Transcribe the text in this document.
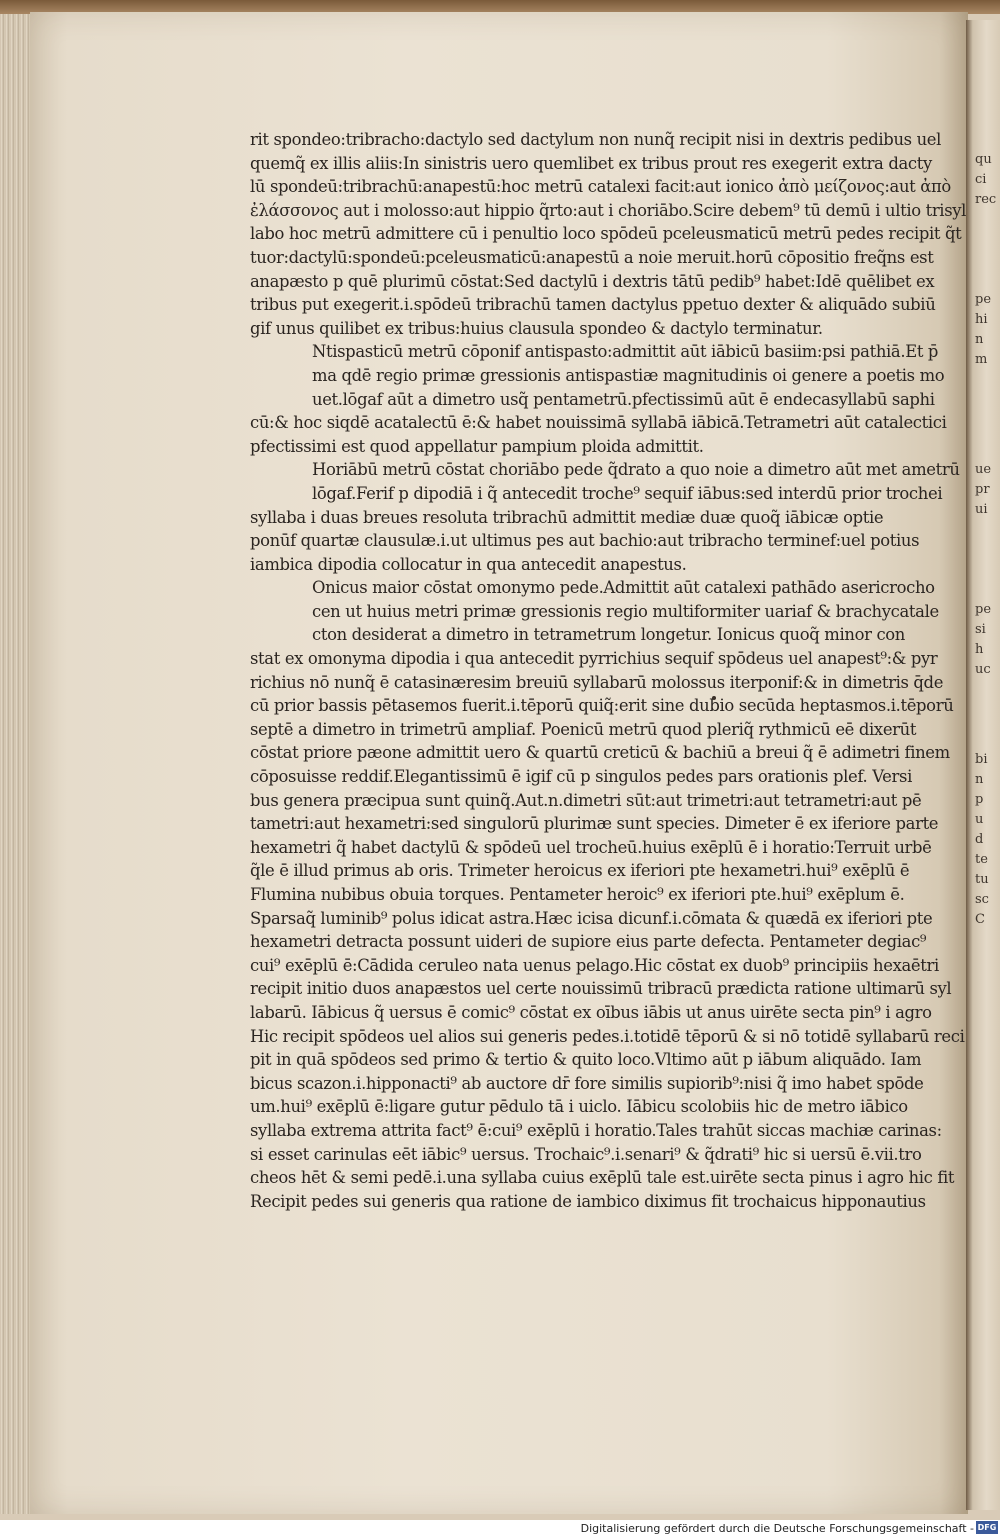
qu
ci
rec
pe
hi
n
m
ue
pr
ui
pe
si
h
uc
bi
n
p
u
d
te
tu
sc
C
rit spondeo:tribracho:dactylo sed dactylum non nunq̃ recipit nisi in dextris pedibus uel
quemq̃ ex illis aliis:In sinistris uero quemlibet ex tribus prout res exegerit extra dacty
lū spondeū:tribrachū:anapestū:hoc metrū catalexi facit:aut ionico ἀπὸ μείζονος:aut ἀπὸ
ἐλάσσονος aut i molosso:aut hippio q̃rto:aut i choriābo.Scire debem⁹ tū demū i ultio trisyl
labo hoc metrū admittere cū i penultio loco spōdeū pceleusmaticū metrū pedes recipit q̃t
tuor:dactylū:spondeū:pceleusmaticū:anapestū a noie meruit.horū cōpositio freq̃ns est
anapæsto p quē plurimū cōstat:Sed dactylū i dextris tātū pedib⁹ habet:Idē quēlibet ex
tribus put exegerit.i.spōdeū tribrachū tamen dactylus ppetuo dexter & aliquādo subiū
gif unus quilibet ex tribus:huius clausula spondeo & dactylo terminatur.
Ntispasticū metrū cōponif antispasto:admittit aūt iābicū basiim:psi pathiā.Et p̄
ma qdē regio primæ gressionis antispastiæ magnitudinis oi genere a poetis mo
uet.lōgaf aūt a dimetro usq̃ pentametrū.pfectissimū aūt ē endecasyllabū saphi
cū:& hoc siqdē acatalectū ē:& habet nouissimā syllabā iābicā.Tetrametri aūt catalectici
pfectissimi est quod appellatur pampium ploida admittit.
Horiābū metrū cōstat choriābo pede q̃drato a quo noie a dimetro aūt met ametrū
lōgaf.Ferif p dipodiā i q̃ antecedit troche⁹ sequif iābus:sed interdū prior trochei
syllaba i duas breues resoluta tribrachū admittit mediæ duæ quoq̃ iābicæ optie
ponūf quartæ clausulæ.i.ut ultimus pes aut bachio:aut tribracho terminef:uel potius
iambica dipodia collocatur in qua antecedit anapestus.
Onicus maior cōstat omonymo pede.Admittit aūt catalexi pathādo asericrocho
cen ut huius metri primæ gressionis regio multiformiter uariaf & brachycatale
cton desiderat a dimetro in tetrametrum longetur. Ionicus quoq̃ minor con
stat ex omonyma dipodia i qua antecedit pyrrichius sequif spōdeus uel anapest⁹:& pyr
richius nō nunq̃ ē catasinæresim breuiū syllabarū molossus iterponif:& in dimetris q̄de
cū prior bassis pētasemos fuerit.i.tēporū quiq̃:erit sine dubio secūda heptasmos.i.tēporū
septē a dimetro in trimetrū ampliaf. Poenicū metrū quod pleriq̃ rythmicū eē dixerūt
cōstat priore pæone admittit uero & quartū creticū & bachiū a breui q̃ ē adimetri finem
cōposuisse reddif.Elegantissimū ē igif cū p singulos pedes pars orationis plef. Versi
bus genera præcipua sunt quinq̃.Aut.n.dimetri sūt:aut trimetri:aut tetrametri:aut pē
tametri:aut hexametri:sed singulorū plurimæ sunt species. Dimeter ē ex iferiore parte
hexametri q̃ habet dactylū & spōdeū uel trocheū.huius exēplū ē i horatio:Terruit urbē
q̃le ē illud primus ab oris. Trimeter heroicus ex iferiori pte hexametri.hui⁹ exēplū ē
Flumina nubibus obuia torques. Pentameter heroic⁹ ex iferiori pte.hui⁹ exēplum ē.
Sparsaq̃ luminib⁹ polus idicat astra.Hæc icisa dicunf.i.cōmata & quædā ex iferiori pte
hexametri detracta possunt uideri de supiore eius parte defecta. Pentameter degiac⁹
cui⁹ exēplū ē:Cādida ceruleo nata uenus pelago.Hic cōstat ex duob⁹ principiis hexaētri
recipit initio duos anapæstos uel certe nouissimū tribracū prædicta ratione ultimarū syl
labarū. Iābicus q̃ uersus ē comic⁹ cōstat ex oībus iābis ut anus uirēte secta pin⁹ i agro
Hic recipit spōdeos uel alios sui generis pedes.i.totidē tēporū & si nō totidē syllabarū reci
pit in quā spōdeos sed primo & tertio & quito loco.Vltimo aūt p iābum aliquādo. Iam
bicus scazon.i.hipponacti⁹ ab auctore dr̄ fore similis supiorib⁹:nisi q̃ imo habet spōde
um.hui⁹ exēplū ē:ligare gutur pēdulo tā i uiclo. Iābicu scolobiis hic de metro iābico
syllaba extrema attrita fact⁹ ē:cui⁹ exēplū i horatio.Tales trahūt siccas machiæ carinas:
si esset carinulas eēt iābic⁹ uersus. Trochaic⁹.i.senari⁹ & q̃drati⁹ hic si uersū ē.vii.tro
cheos hēt & semi pedē.i.una syllaba cuius exēplū tale est.uirēte secta pinus i agro hic fit
Recipit pedes sui generis qua ratione de iambico diximus fit trochaicus hipponautius
Digitalisierung gefördert durch die Deutsche Forschungsgemeinschaft - DFG
